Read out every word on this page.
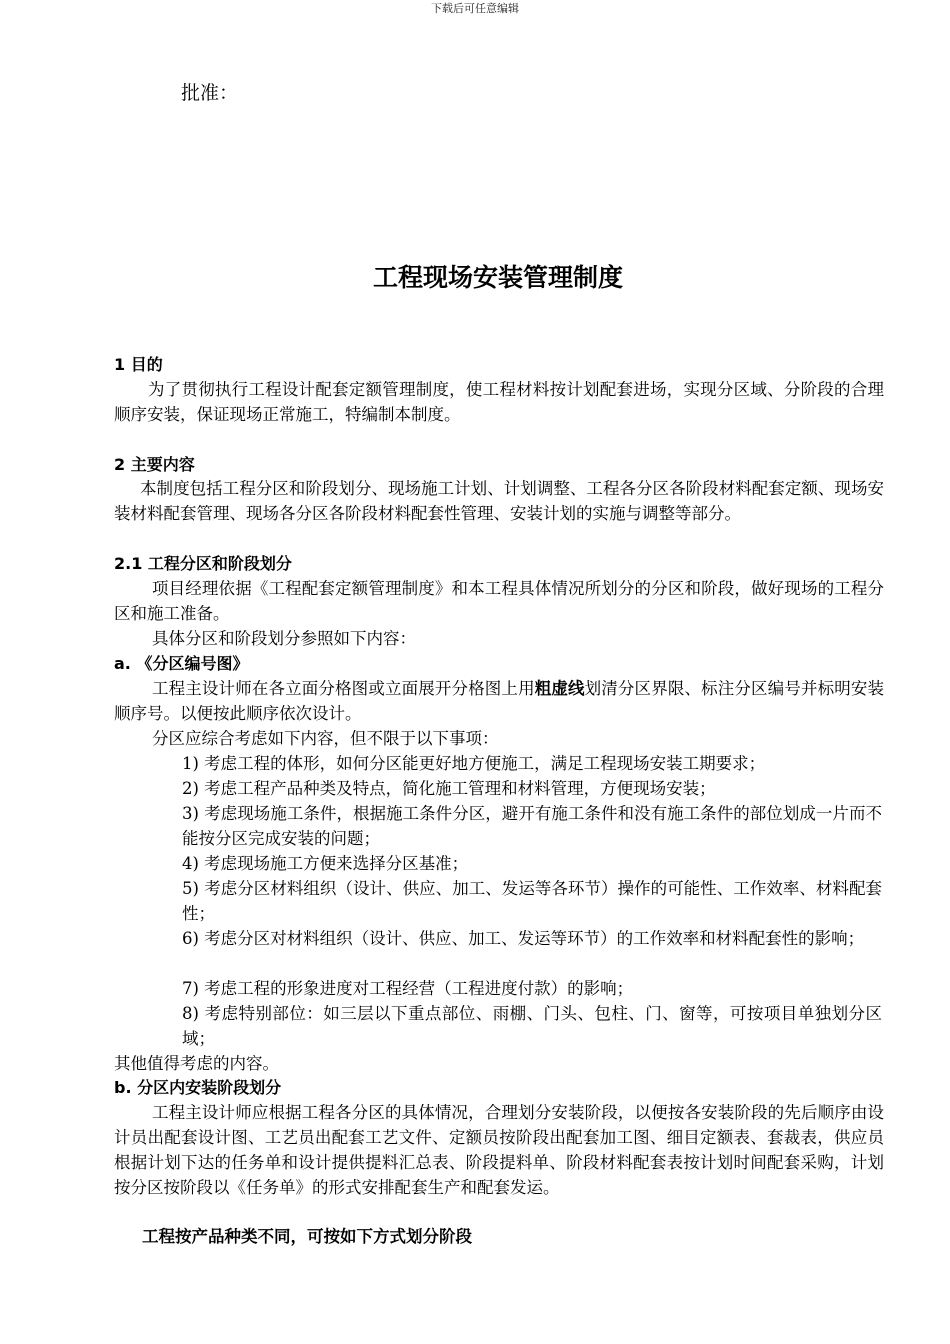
下载后可任意编辑
批准：
工程现场安装管理制度
1 目的
为了贯彻执行工程设计配套定额管理制度，使工程材料按计划配套进场，实现分区域、分阶段的合理顺序安装，保证现场正常施工，特编制本制度。
2 主要内容
本制度包括工程分区和阶段划分、现场施工计划、计划调整、工程各分区各阶段材料配套定额、现场安装材料配套管理、现场各分区各阶段材料配套性管理、安装计划的实施与调整等部分。
2.1 工程分区和阶段划分
项目经理依据《工程配套定额管理制度》和本工程具体情况所划分的分区和阶段，做好现场的工程分区和施工准备。
具体分区和阶段划分参照如下内容：
a. 《分区编号图》
工程主设计师在各立面分格图或立面展开分格图上用粗虚线划清分区界限、标注分区编号并标明安装顺序号。以便按此顺序依次设计。
分区应综合考虑如下内容，但不限于以下事项：
1) 考虑工程的体形，如何分区能更好地方便施工，满足工程现场安装工期要求；
2) 考虑工程产品种类及特点，简化施工管理和材料管理，方便现场安装；
3) 考虑现场施工条件，根据施工条件分区，避开有施工条件和没有施工条件的部位划成一片而不能按分区完成安装的问题；
4) 考虑现场施工方便来选择分区基准；
5) 考虑分区材料组织（设计、供应、加工、发运等各环节）操作的可能性、工作效率、材料配套性；
6) 考虑分区对材料组织（设计、供应、加工、发运等环节）的工作效率和材料配套性的影响；
7) 考虑工程的形象进度对工程经营（工程进度付款）的影响；
8) 考虑特别部位：如三层以下重点部位、雨棚、门头、包柱、门、窗等，可按项目单独划分区域；
其他值得考虑的内容。
b. 分区内安装阶段划分
工程主设计师应根据工程各分区的具体情况，合理划分安装阶段，以便按各安装阶段的先后顺序由设计员出配套设计图、工艺员出配套工艺文件、定额员按阶段出配套加工图、细目定额表、套裁表，供应员根据计划下达的任务单和设计提供提料汇总表、阶段提料单、阶段材料配套表按计划时间配套采购，计划按分区按阶段以《任务单》的形式安排配套生产和配套发运。
工程按产品种类不同，可按如下方式划分阶段
